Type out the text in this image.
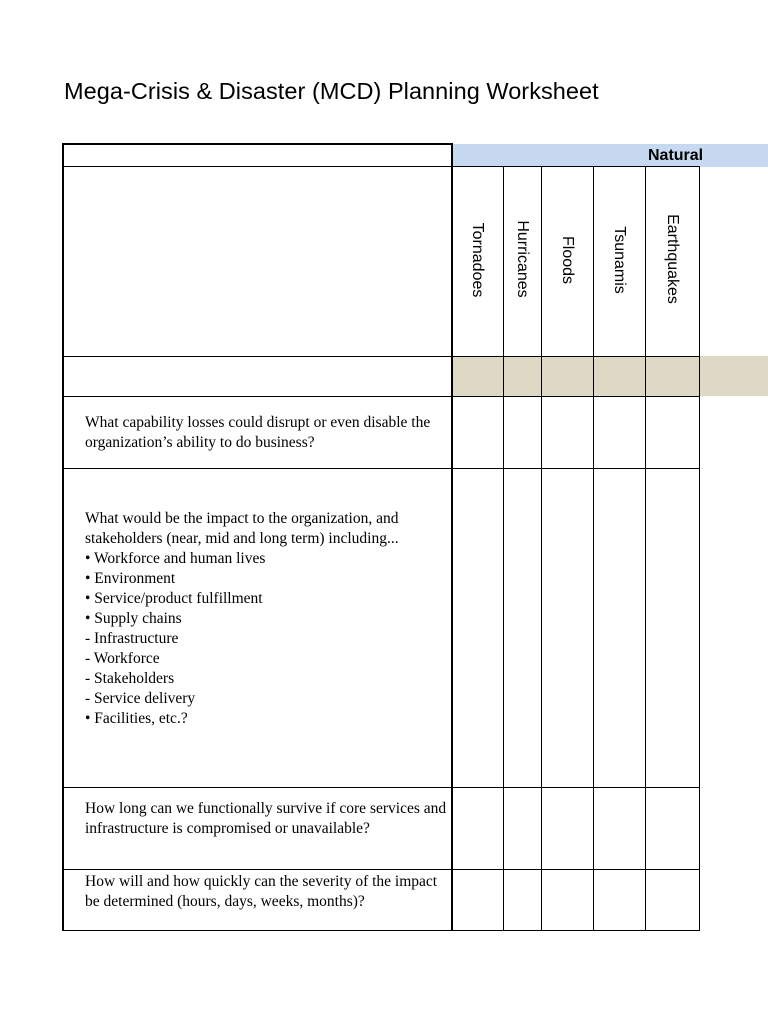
Mega-Crisis & Disaster (MCD) Planning Worksheet
Natural
Tornadoes Hurricanes Floods Tsunamis Earthquakes
What capability losses could disrupt or even disable the organization’s ability to do business?
What would be the impact to the organization, and stakeholders (near, mid and long term) including...
• Workforce and human lives
• Environment
• Service/product fulfillment
• Supply chains
- Infrastructure
- Workforce
- Stakeholders
- Service delivery
• Facilities, etc.?
How long can we functionally survive if core services and infrastructure is compromised or unavailable?
How will and how quickly can the severity of the impact be determined (hours, days, weeks, months)?
